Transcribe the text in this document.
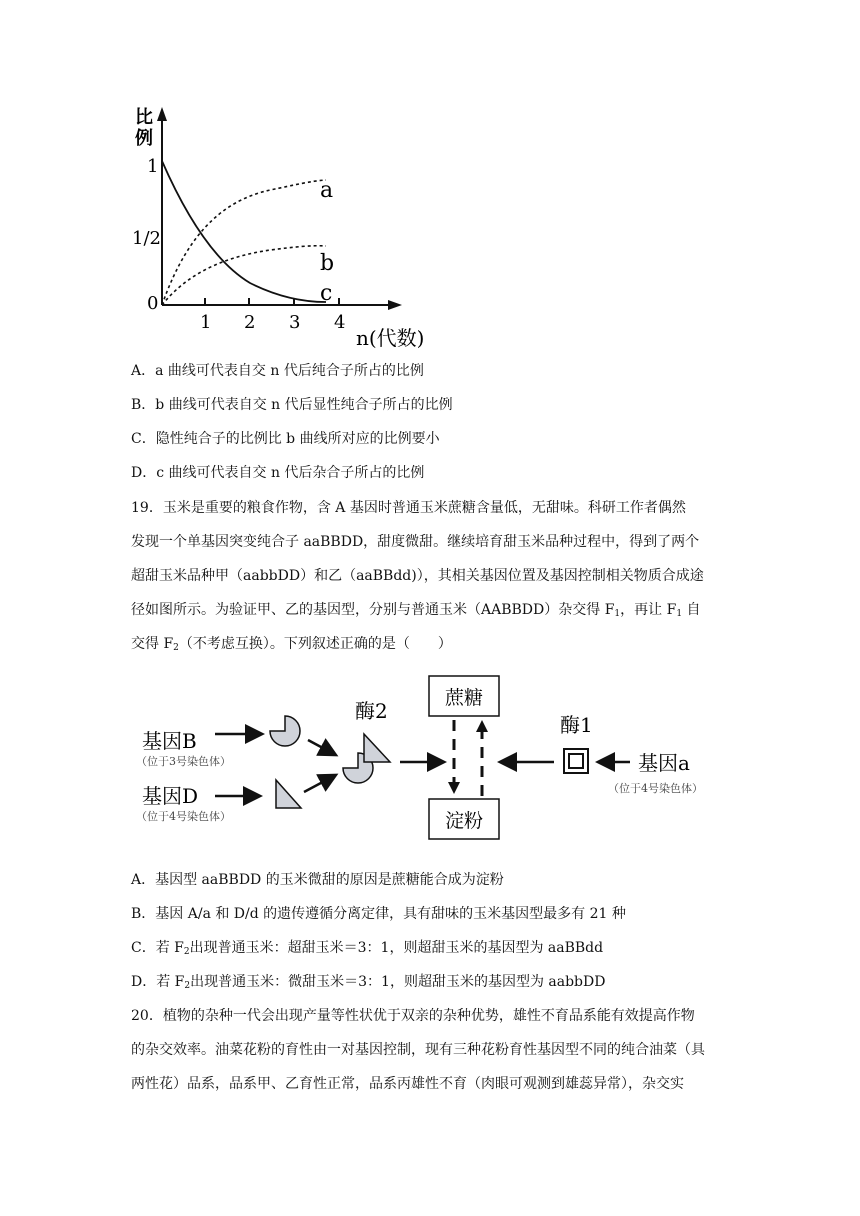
比
例
1
1/2
0
1 2 3 4
n(代数)
a
b
c
A．a 曲线可代表自交 n 代后纯合子所占的比例
B．b 曲线可代表自交 n 代后显性纯合子所占的比例
C．隐性纯合子的比例比 b 曲线所对应的比例要小
D．c 曲线可代表自交 n 代后杂合子所占的比例
19．玉米是重要的粮食作物，含 A 基因时普通玉米蔗糖含量低，无甜味。科研工作者偶然
发现一个单基因突变纯合子 aaBBDD，甜度微甜。继续培育甜玉米品种过程中，得到了两个
超甜玉米品种甲（aabbDD）和乙（aaBBdd)），其相关基因位置及基因控制相关物质合成途
径如图所示。为验证甲、乙的基因型，分别与普通玉米（AABBDD）杂交得 $F_1$，再让 $F_1$ 自
交得 $F_2$（不考虑互换）。下列叙述正确的是（　　）
蔗糖
淀粉
基因B
（位于3号染色体）
基因D
（位于4号染色体）
酶2
酶1
基因a
（位于4号染色体）
A．基因型 aaBBDD 的玉米微甜的原因是蔗糖能合成为淀粉
B．基因 A/a 和 D/d 的遗传遵循分离定律，具有甜味的玉米基因型最多有 21 种
C．若 $F_2$出现普通玉米：超甜玉米＝3：1，则超甜玉米的基因型为 aaBBdd
D．若 $F_2$出现普通玉米：微甜玉米＝3：1，则超甜玉米的基因型为 aabbDD
20．植物的杂种一代会出现产量等性状优于双亲的杂种优势，雄性不育品系能有效提高作物
的杂交效率。油菜花粉的育性由一对基因控制，现有三种花粉育性基因型不同的纯合油菜（具
两性花）品系，品系甲、乙育性正常，品系丙雄性不育（肉眼可观测到雄蕊异常），杂交实
